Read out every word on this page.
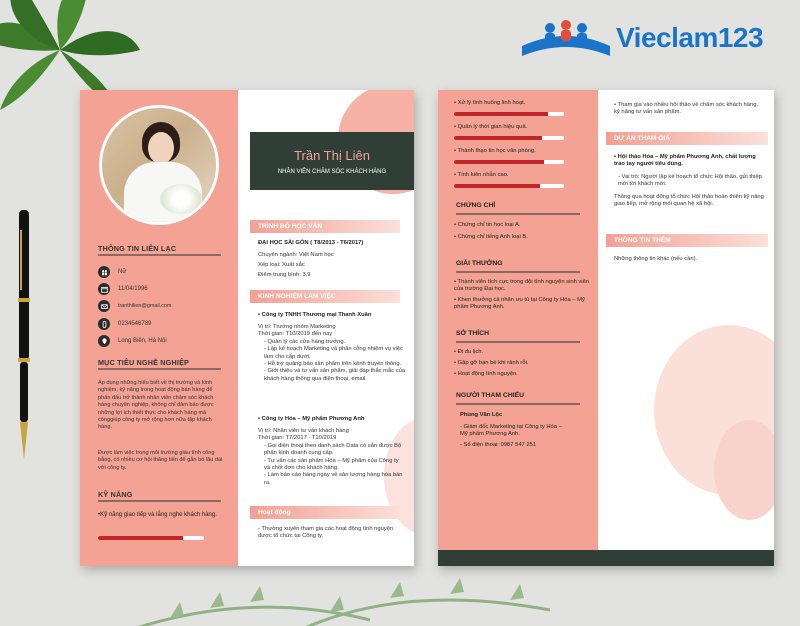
Vieclam123
THÔNG TIN LIÊN LẠC
Nữ
11/04/1996
tranthilien@gmail.com
0234546789
Long Biên, Hà Nội
MỤC TIÊU NGHỀ NGHIỆP
Áp dụng những hiểu biết về thị trường và kinh nghiệm, kỹ năng trong hoạt động bán hàng để phấn đấu trở thành nhân viên chăm sóc khách hàng chuyên nghiệp, không chỉ đảm bảo được những lợi ích thiết thực cho khách hàng mà cònggiúp công ty mở rộng hơn nữa tập khách hàng.
Được làm việc trong môi trường giàu tính công bằng, có nhiều cơ hội thăng tiến để gắn bó lâu dài với công ty.
KỸ NĂNG
•Kỹ năng giao tiếp và lắng nghe khách hàng.
Trần Thị Liên
NHÂN VIÊN CHĂM SÓC KHÁCH HÀNG
TRÌNH ĐỘ HỌC VẤN
ĐẠI HỌC SÀI GÒN ( T8/2013 - T6/2017)
Chuyên ngành: Việt Nam học
Xếp loại: Xuất sắc
Điểm trung bình: 3,9
KINH NGHIỆM LÀM VIỆC
• Công ty TNHH Thương mại Thanh Xuân
Vị trí: Trưởng nhóm Marketing
Thời gian: T10/2019 đến nay
- Quản lý các cửa hàng trưởng.
- Lập kế hoạch Marketing và phân công nhiệm vụ việc làm cho cấp dưới.
- Hỗ trợ quảng bảo sản phẩm trên kênh truyền thông.
- Giới thiệu và tư vấn sản phẩm, giải đáp thắc mắc của khách hàng thông qua điện thoại, email.
• Công ty Hóa – Mỹ phẩm Phương Anh
Vị trí: Nhân viên tư vấn khách hàng
Thời gian: T7/2017 - T10/2019
- Gọi điện thoại theo danh sách Data có sẵn được Bộ phận kinh doanh cung cấp.
- Tư vấn các sản phẩm Hóa – Mỹ phẩm của Công ty và chốt đơn cho khách hàng.
- Làm báo cáo hàng ngày về sản lượng hàng hóa bán ra.
Hoạt động
- Thường xuyên tham gia các hoạt động tình nguyện được tổ chức tại Công ty.
• Xử lý tình huống linh hoạt.
• Quản lý thời gian hiệu quả.
• Thành thạo tin học văn phòng.
• Tính kiên nhẫn cao.
CHỨNG CHỈ
• Chứng chỉ tin học loại A.
• Chứng chỉ tiếng Anh loại B.
GIẢI THƯỞNG
• Thành viên tích cực trong đội tình nguyện sinh viên của trường Đại học.
• Khen thưởng cá nhân ưu tú tại Công ty Hóa – Mỹ phẩm Phương Anh.
SỞ THÍCH
• Đi du lịch.
• Gặp gỡ bạn bè khi rảnh rỗi.
• Hoạt động tình nguyện.
NGƯỜI THAM CHIẾU
Phùng Văn Lộc
- Giám đốc Marketing tại Công ty Hóa – Mỹ phẩm Phương Anh.
- Số điện thoại: 0987 547 251
• Tham gia vào nhiều hội thảo về chăm sóc khách hàng, kỹ năng tư vấn sản phẩm.
DỰ ÁN THAM GIA
• Hội thảo Hóa – Mỹ phẩm Phương Anh, chất lượng trao tay người tiêu dùng.
- Vai trò: Người lập kế hoạch tổ chức Hội thảo, gửi thiệp mời tới khách mời.
Thông qua hoạt động tổ chức Hội thảo hoàn thiện kỹ năng giao tiếp, mở rộng mối quan hệ xã hội.
THÔNG TIN THÊM
Những thông tin khác (nếu cần).
